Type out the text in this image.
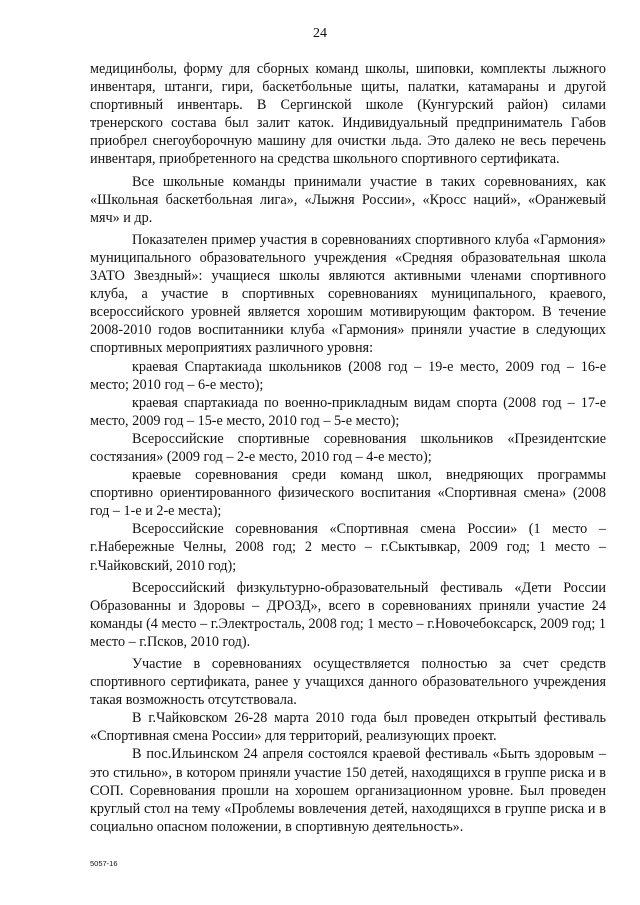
24

медицинболы, форму для сборных команд школы, шиповки, комплекты лыжного инвентаря, штанги, гири, баскетбольные щиты, палатки, катамараны и другой спортивный инвентарь. В Сергинской школе (Кунгурский район) силами тренерского состава был залит каток. Индивидуальный предприниматель Габов приобрел снегоуборочную машину для очистки льда. Это далеко не весь перечень инвентаря, приобретенного на средства школьного спортивного сертификата.

Все школьные команды принимали участие в таких соревнованиях, как «Школьная баскетбольная лига», «Лыжня России», «Кросс наций», «Оранжевый мяч» и др.

Показателен пример участия в соревнованиях спортивного клуба «Гармония» муниципального образовательного учреждения «Средняя образовательная школа ЗАТО Звездный»: учащиеся школы являются активными членами спортивного клуба, а участие в спортивных соревнованиях муниципального, краевого, всероссийского уровней является хорошим мотивирующим фактором. В течение 2008-2010 годов воспитанники клуба «Гармония» приняли участие в следующих спортивных мероприятиях различного уровня:

краевая Спартакиада школьников (2008 год – 19-е место, 2009 год – 16-е место; 2010 год – 6-е место);

краевая спартакиада по военно-прикладным видам спорта (2008 год – 17-е место, 2009 год – 15-е место, 2010 год – 5-е место);

Всероссийские спортивные соревнования школьников «Президентские состязания» (2009 год – 2-е место, 2010 год – 4-е место);

краевые соревнования среди команд школ, внедряющих программы спортивно ориентированного физического воспитания «Спортивная смена» (2008 год – 1-е и 2-е места);

Всероссийские соревнования «Спортивная смена России» (1 место – г.Набережные Челны, 2008 год; 2 место – г.Сыктывкар, 2009 год; 1 место – г.Чайковский, 2010 год);

Всероссийский физкультурно-образовательный фестиваль «Дети России Образованны и Здоровы – ДРОЗД», всего в соревнованиях приняли участие 24 команды (4 место – г.Электросталь, 2008 год; 1 место – г.Новочебоксарск, 2009 год; 1 место – г.Псков, 2010 год).

Участие в соревнованиях осуществляется полностью за счет средств спортивного сертификата, ранее у учащихся данного образовательного учреждения такая возможность отсутствовала.

В г.Чайковском 26-28 марта 2010 года был проведен открытый фестиваль «Спортивная смена России» для территорий, реализующих проект.

В пос.Ильинском 24 апреля состоялся краевой фестиваль «Быть здоровым – это стильно», в котором приняли участие 150 детей, находящихся в группе риска и в СОП. Соревнования прошли на хорошем организационном уровне. Был проведен круглый стол на тему «Проблемы вовлечения детей, находящихся в группе риска и в социально опасном положении, в спортивную деятельность».

5057-16
